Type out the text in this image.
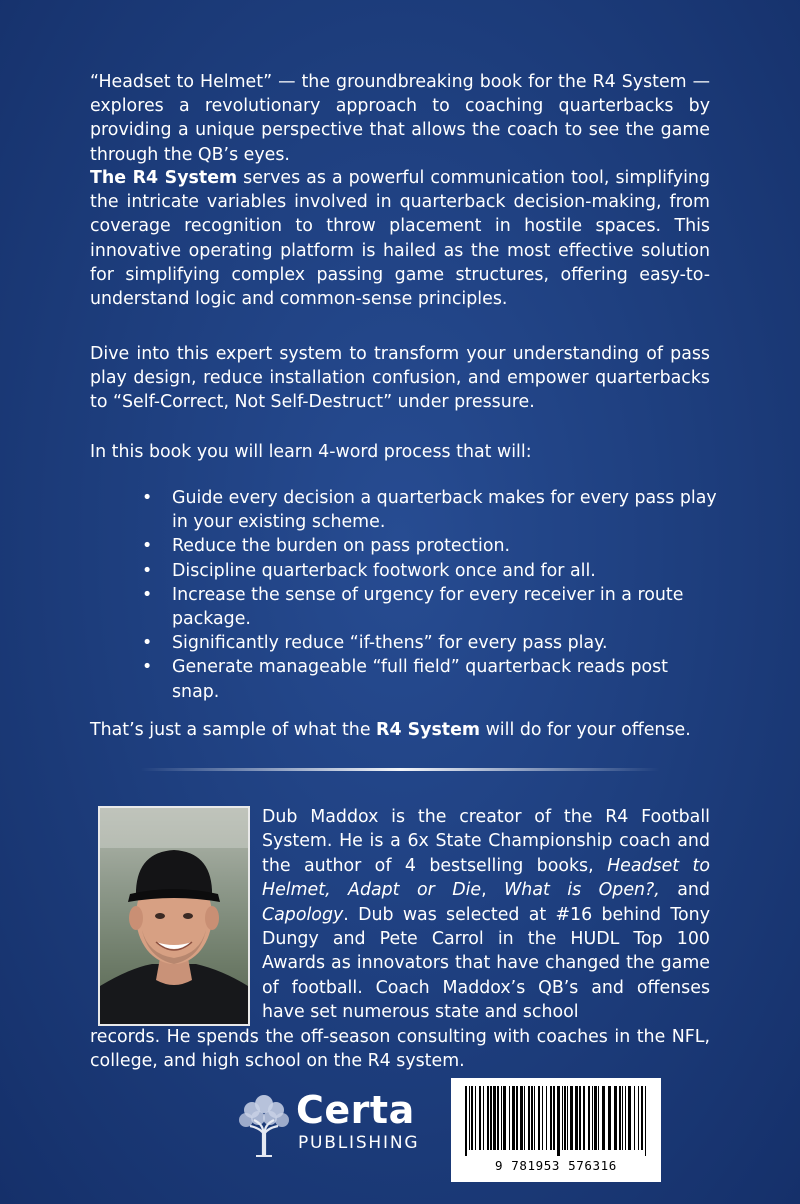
“Headset to Helmet” — the groundbreaking book for the R4 System — explores a revolutionary approach to coaching quarterbacks by providing a unique perspective that allows the coach to see the game through the QB’s eyes.

The R4 System serves as a powerful communication tool, simplifying the intricate variables involved in quarterback decision-making, from coverage recognition to throw placement in hostile spaces. This innovative operating platform is hailed as the most effective solution for simplifying complex passing game structures, offering easy-to-understand logic and common-sense principles.

Dive into this expert system to transform your understanding of pass play design, reduce installation confusion, and empower quarterbacks to “Self-Correct, Not Self-Destruct” under pressure.

In this book you will learn 4-word process that will:

• Guide every decision a quarterback makes for every pass play in your existing scheme.
• Reduce the burden on pass protection.
• Discipline quarterback footwork once and for all.
• Increase the sense of urgency for every receiver in a route package.
• Significantly reduce “if-thens” for every pass play.
• Generate manageable “full field” quarterback reads post snap.

That’s just a sample of what the R4 System will do for your offense.

Dub Maddox is the creator of the R4 Football System. He is a 6x State Championship coach and the author of 4 bestselling books, Headset to Helmet, Adapt or Die, What is Open?, and Capology. Dub was selected at #16 behind Tony Dungy and Pete Carrol in the HUDL Top 100 Awards as innovators that have changed the game of football. Coach Maddox’s QB’s and offenses have set numerous state and school

records. He spends the off-season consulting with coaches in the NFL, college, and high school on the R4 system.

Certa
PUBLISHING
9 781953 576316
